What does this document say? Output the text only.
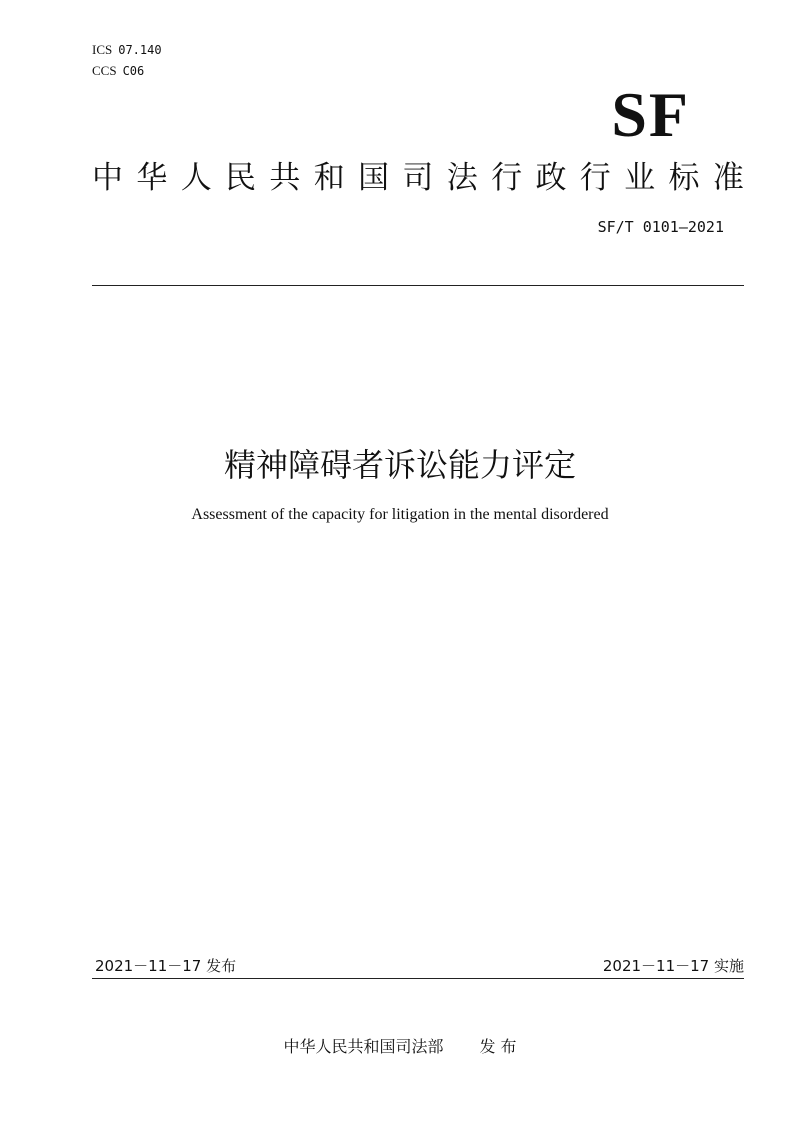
ICS 07.140
CCS C06
SF
中 华 人 民 共 和 国 司 法 行 政 行 业 标 准
SF/T 0101—2021
精神障碍者诉讼能力评定
Assessment of the capacity for litigation in the mental disordered
2021－11－17 发布	2021－11－17 实施
中华人民共和国司法部 发 布
